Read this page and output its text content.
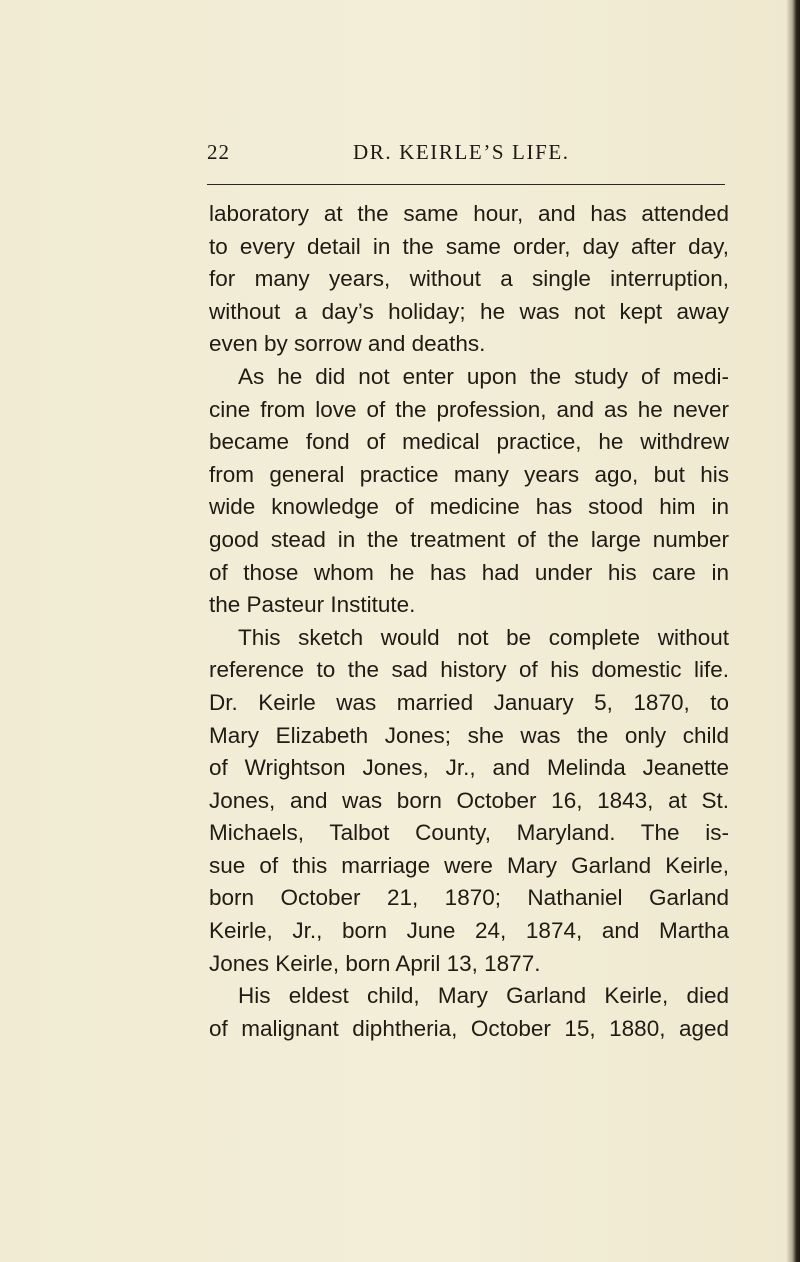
22	DR. KEIRLE’S LIFE.
laboratory at the same hour, and has attended
to every detail in the same order, day after day,
for many years, without a single interruption,
without a day’s holiday; he was not kept away
even by sorrow and deaths.
As he did not enter upon the study of medi-
cine from love of the profession, and as he never
became fond of medical practice, he withdrew
from general practice many years ago, but his
wide knowledge of medicine has stood him in
good stead in the treatment of the large number
of those whom he has had under his care in
the Pasteur Institute.
This sketch would not be complete without
reference to the sad history of his domestic life.
Dr. Keirle was married January 5, 1870, to
Mary Elizabeth Jones; she was the only child
of Wrightson Jones, Jr., and Melinda Jeanette
Jones, and was born October 16, 1843, at St.
Michaels, Talbot County, Maryland. The is-
sue of this marriage were Mary Garland Keirle,
born October 21, 1870; Nathaniel Garland
Keirle, Jr., born June 24, 1874, and Martha
Jones Keirle, born April 13, 1877.
His eldest child, Mary Garland Keirle, died
of malignant diphtheria, October 15, 1880, aged
